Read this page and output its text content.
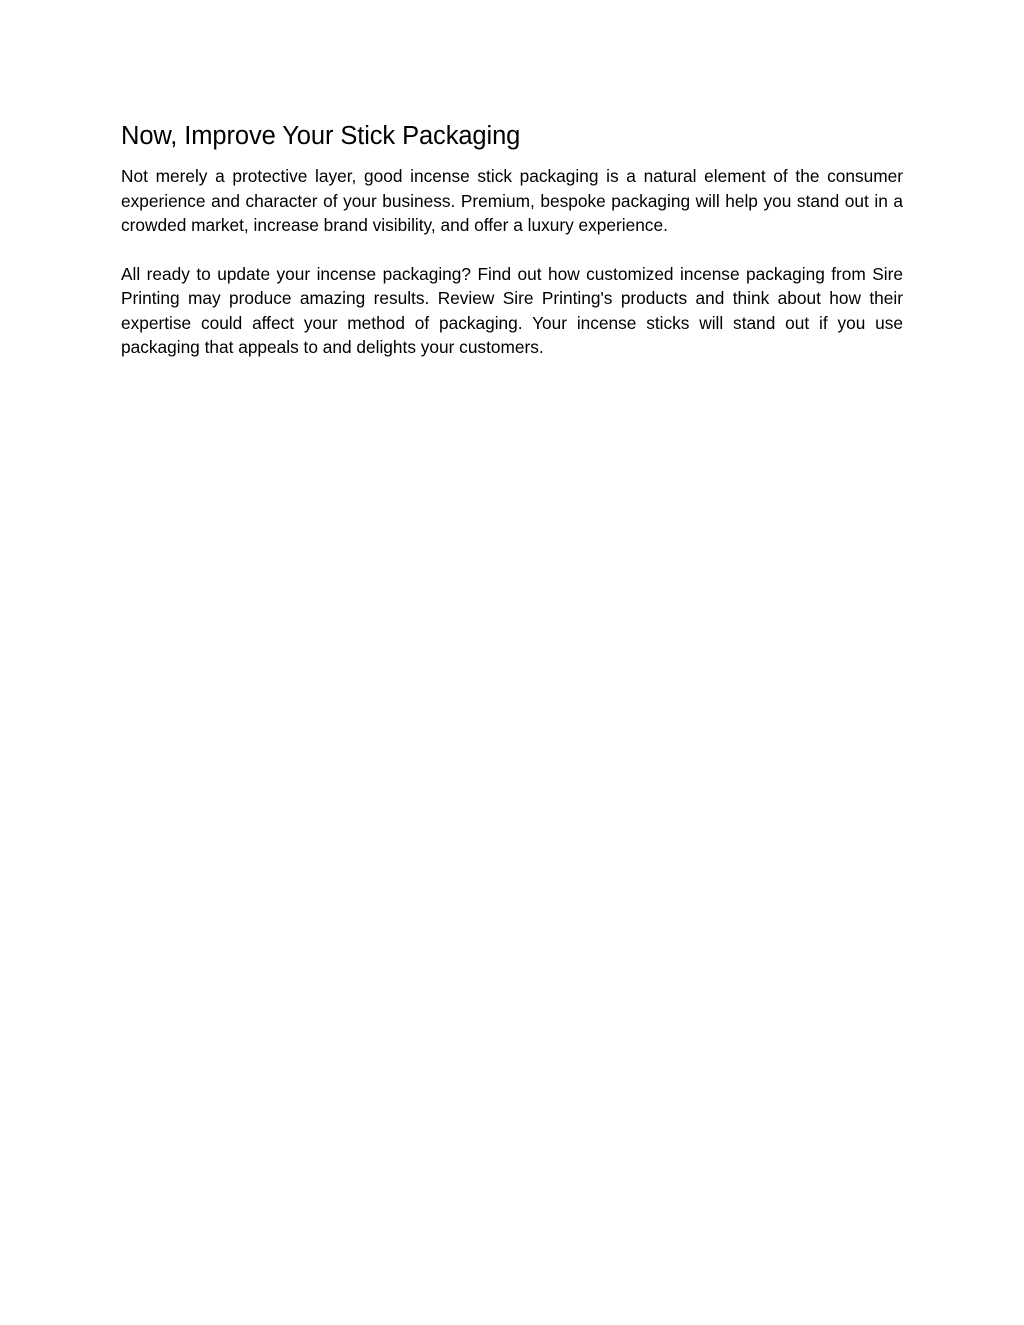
Now, Improve Your Stick Packaging

Not merely a protective layer, good incense stick packaging is a natural element of the consumer experience and character of your business. Premium, bespoke packaging will help you stand out in a crowded market, increase brand visibility, and offer a luxury experience.

All ready to update your incense packaging? Find out how customized incense packaging from Sire Printing may produce amazing results. Review Sire Printing's products and think about how their expertise could affect your method of packaging. Your incense sticks will stand out if you use packaging that appeals to and delights your customers.
